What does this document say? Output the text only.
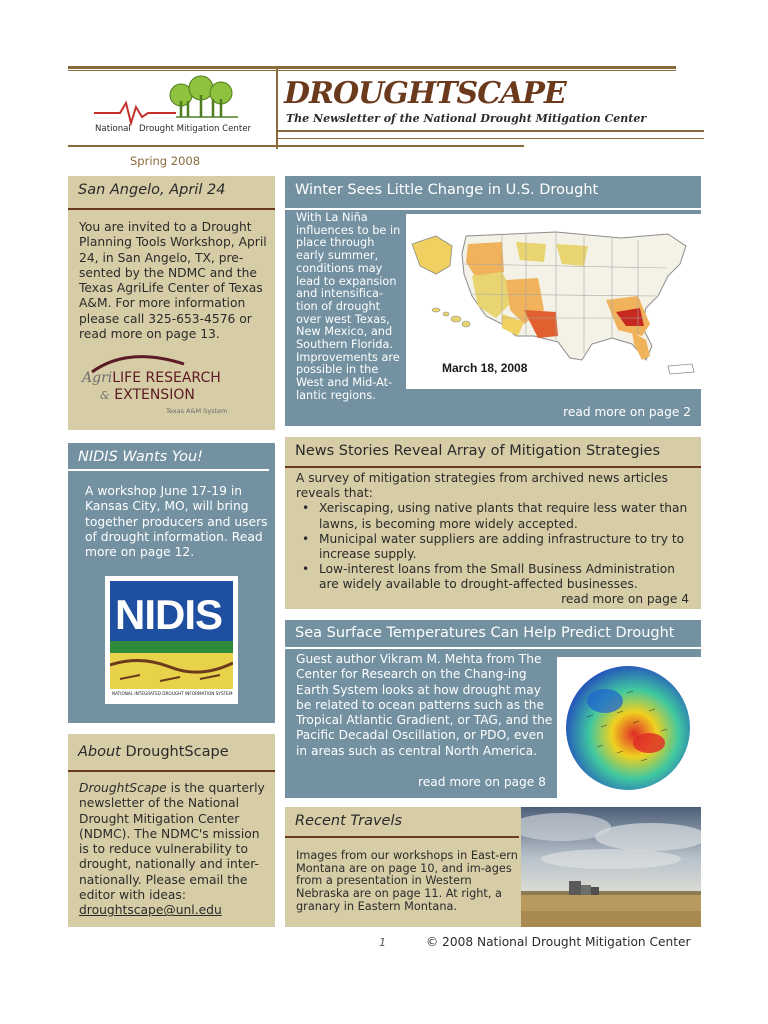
National   Drought Mitigation Center
DROUGHTSCAPE
The Newsletter of the National Drought Mitigation Center
Spring 2008
San Angelo, April 24
You are invited to a Drought Planning Tools Workshop, April 24, in San Angelo, TX, pre-sented by the NDMC and the Texas AgriLife Center of Texas A&M. For more information please call 325-653-4576 or read more on page 13.
AgriLIFE RESEARCH
& EXTENSION
Texas A&M System
Winter Sees Little Change in U.S. Drought
With La Niña influences to be in place through early summer, conditions may lead to expansion and intensifica-tion of drought over west Texas, New Mexico, and Southern Florida. Improvements are possible in the West and Mid-At-lantic regions.
March 18, 2008
read more on page 2
NIDIS Wants You!
A workshop June 17-19 in Kansas City, MO, will bring together producers and users of drought information. Read more on page 12.
NIDIS
NATIONAL INTEGRATED DROUGHT INFORMATION SYSTEM
News Stories Reveal Array of Mitigation Strategies
A survey of mitigation strategies from archived news articles reveals that:
• Xeriscaping, using native plants that require less water than lawns, is becoming more widely accepted.
• Municipal water suppliers are adding infrastructure to try to increase supply.
• Low-interest loans from the Small Business Administration are widely available to drought-affected businesses.
read more on page 4
Sea Surface Temperatures Can Help Predict Drought
Guest author Vikram M. Mehta from The Center for Research on the Chang-ing Earth System looks at how drought may be related to ocean patterns such as the Tropical Atlantic Gradient, or TAG, and the Pacific Decadal Oscillation, or PDO, even in areas such as central North America.
read more on page 8
About DroughtScape
DroughtScape is the quarterly newsletter of the National Drought Mitigation Center (NDMC). The NDMC's mission is to reduce vulnerability to drought, nationally and inter-nationally. Please email the editor with ideas:
droughtscape@unl.edu
Recent Travels
Images from our workshops in East-ern Montana are on page 10, and im-ages from a presentation in Western Nebraska are on page 11. At right, a granary in Eastern Montana.
1	© 2008 National Drought Mitigation Center
